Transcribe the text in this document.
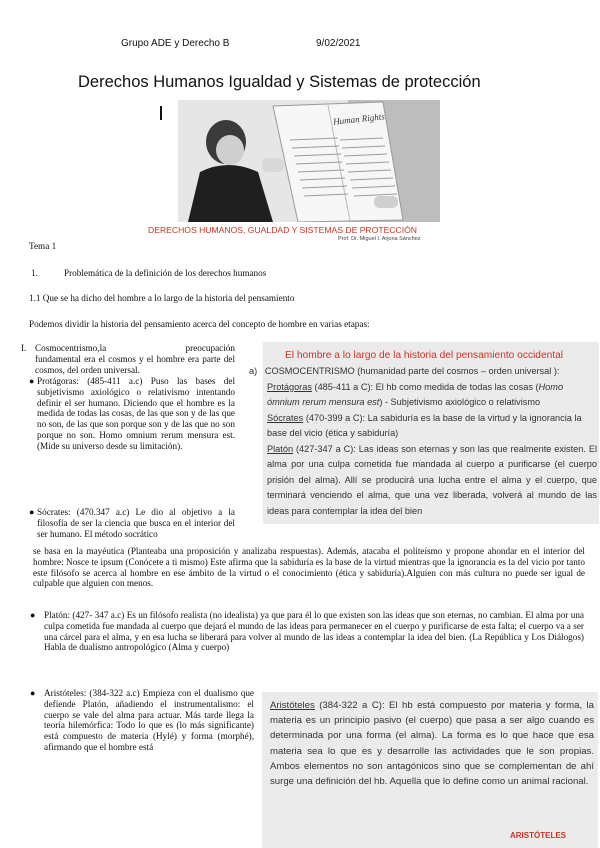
Grupo ADE y Derecho B	9/02/2021
Derechos Humanos Igualdad y Sistemas de protección
Human Rights
DERECHOS HUMANOS, GUALDAD Y SISTEMAS DE PROTECCIÓN
Prof. Dr. Miguel I. Arjona Sánchez
Tema 1
1.	Problemática de la definición de los derechos humanos
1.1 Que se ha dicho del hombre a lo largo de la historia del pensamiento
Podemos dividir la historia del pensamiento acerca del concepto de hombre en varias etapas:
I. Cosmocentrismo,la	preocupación
fundamental era el cosmos y el hombre era parte del cosmos, del orden universal.
● Protágoras: (485-411 a.c) Puso las bases del subjetivismo axiológico o relativismo intentando definir el ser humano. Diciendo que el hombre es la medida de todas las cosas, de las que son y de las que no son, de las que son porque son y de las que no son porque no son. Homo omnium rerum mensura est. (Mide su universo desde su limitación).
● Sócrates: (470.347 a.c) Le dio al objetivo a la filosofía de ser la ciencia que busca en el interior del ser humano. El método socrático
se basa en la mayéutica (Planteaba una proposición y analizaba respuestas). Además, atacaba el politeísmo y propone ahondar en el interior del hombre: Nosce te ipsum (Conócete a ti mismo) Este afirma que la sabiduría es la base de la virtud mientras que la ignorancia es la del vicio por tanto este filósofo se acerca al hombre en ese ámbito de la virtud o el conocimiento (ética y sabiduría).Alguien con más cultura no puede ser igual de culpable que alguien con menos.
● Platón: (427- 347 a.c) Es un filósofo realista (no idealista) ya que para él lo que existen son las ideas que son eternas, no cambian. El alma por una culpa cometida fue mandada al cuerpo que dejará el mundo de las ideas para permanecer en el cuerpo y purificarse de esta falta; el cuerpo va a ser una cárcel para el alma, y en esa lucha se liberará para volver al mundo de las ideas a contemplar la idea del bien. (La República y Los Diálogos) Habla de dualismo antropológico (Alma y cuerpo)
● Aristóteles: (384-322 a.c) Empieza con el dualismo que defiende Platón, añadiendo el instrumentalismo: el cuerpo se vale del alma para actuar. Más tarde llega la teoría hilemórfica: Todo lo que es (lo más significante) está compuesto de materia (Hylé) y forma (morphé), afirmando que el hombre está
El hombre a lo largo de la historia del pensamiento occidental
a) COSMOCENTRISMO (humanidad parte del cosmos – orden universal ):
Protágoras (485-411 a C): El hb como medida de todas las cosas (Homo ómnium rerum mensura est) - Subjetivismo axiológico o relativismo
Sócrates (470-399 a C): La sabiduría es la base de la virtud y la ignorancia la base del vicio (ética y sabiduría)
Platón (427-347 a C): Las ideas son eternas y son las que realmente existen. El alma por una culpa cometida fue mandada al cuerpo a purificarse (el cuerpo prisión del alma). Allí se producirá una lucha entre el alma y el cuerpo, que terminará venciendo el alma, que una vez liberada, volverá al mundo de las ideas para contemplar la idea del bien
Aristóteles (384-322 a C): El hb está compuesto por materia y forma, la materia es un principio pasivo (el cuerpo) que pasa a ser algo cuando es determinada por una forma (el alma). La forma es lo que hace que esa materia sea lo que es y desarrolle las actividades que le son propias. Ambos elementos no son antagónicos sino que se complementan de ahí surge una definición del hb. Aquella que lo define como un animal racional.
ARISTÓTELES
